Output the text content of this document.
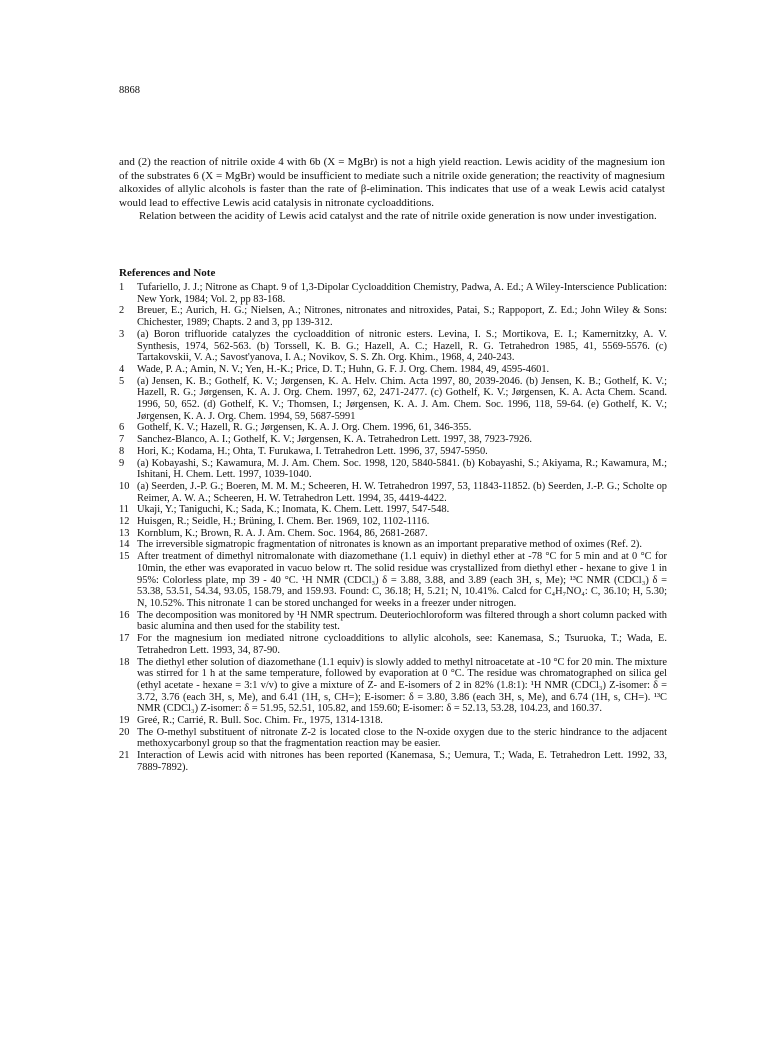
8868

and (2) the reaction of nitrile oxide 4 with 6b (X = MgBr) is not a high yield reaction. Lewis acidity of the magnesium ion of the substrates 6 (X = MgBr) would be insufficient to mediate such a nitrile oxide generation; the reactivity of magnesium alkoxides of allylic alcohols is faster than the rate of β-elimination. This indicates that use of a weak Lewis acid catalyst would lead to effective Lewis acid catalysis in nitronate cycloadditions.

Relation between the acidity of Lewis acid catalyst and the rate of nitrile oxide generation is now under investigation.

References and Note
1	Tufariello, J. J.; Nitrone as Chapt. 9 of 1,3-Dipolar Cycloaddition Chemistry, Padwa, A. Ed.; A Wiley-Interscience Publication: New York, 1984; Vol. 2, pp 83-168.
2	Breuer, E.; Aurich, H. G.; Nielsen, A.; Nitrones, nitronates and nitroxides, Patai, S.; Rappoport, Z. Ed.; John Wiley & Sons: Chichester, 1989; Chapts. 2 and 3, pp 139-312.
3	(a) Boron trifluoride catalyzes the cycloaddition of nitronic esters. Levina, I. S.; Mortikova, E. I.; Kamernitzky, A. V. Synthesis, 1974, 562-563. (b) Torssell, K. B. G.; Hazell, A. C.; Hazell, R. G. Tetrahedron 1985, 41, 5569-5576. (c) Tartakovskii, V. A.; Savost'yanova, I. A.; Novikov, S. S. Zh. Org. Khim., 1968, 4, 240-243.
4	Wade, P. A.; Amin, N. V.; Yen, H.-K.; Price, D. T.; Huhn, G. F. J. Org. Chem. 1984, 49, 4595-4601.
5	(a) Jensen, K. B.; Gothelf, K. V.; Jørgensen, K. A. Helv. Chim. Acta 1997, 80, 2039-2046. (b) Jensen, K. B.; Gothelf, K. V.; Hazell, R. G.; Jørgensen, K. A. J. Org. Chem. 1997, 62, 2471-2477. (c) Gothelf, K. V.; Jørgensen, K. A. Acta Chem. Scand. 1996, 50, 652. (d) Gothelf, K. V.; Thomsen, I.; Jørgensen, K. A. J. Am. Chem. Soc. 1996, 118, 59-64. (e) Gothelf, K. V.; Jørgensen, K. A. J. Org. Chem. 1994, 59, 5687-5991
6	Gothelf, K. V.; Hazell, R. G.; Jørgensen, K. A. J. Org. Chem. 1996, 61, 346-355.
7	Sanchez-Blanco, A. I.; Gothelf, K. V.; Jørgensen, K. A. Tetrahedron Lett. 1997, 38, 7923-7926.
8	Hori, K.; Kodama, H.; Ohta, T. Furukawa, I. Tetrahedron Lett. 1996, 37, 5947-5950.
9	(a) Kobayashi, S.; Kawamura, M. J. Am. Chem. Soc. 1998, 120, 5840-5841. (b) Kobayashi, S.; Akiyama, R.; Kawamura, M.; Ishitani, H. Chem. Lett. 1997, 1039-1040.
10 (a) Seerden, J.-P. G.; Boeren, M. M. M.; Scheeren, H. W. Tetrahedron 1997, 53, 11843-11852. (b) Seerden, J.-P. G.; Scholte op Reimer, A. W. A.; Scheeren, H. W. Tetrahedron Lett. 1994, 35, 4419-4422.
11 Ukaji, Y.; Taniguchi, K.; Sada, K.; Inomata, K. Chem. Lett. 1997, 547-548.
12 Huisgen, R.; Seidle, H.; Brüning, I. Chem. Ber. 1969, 102, 1102-1116.
13 Kornblum, K.; Brown, R. A. J. Am. Chem. Soc. 1964, 86, 2681-2687.
14 The irreversible sigmatropic fragmentation of nitronates is known as an important preparative method of oximes (Ref. 2).
15 After treatment of dimethyl nitromalonate with diazomethane (1.1 equiv) in diethyl ether at -78 °C for 5 min and at 0 °C for 10min, the ether was evaporated in vacuo below rt. The solid residue was crystallized from diethyl ether - hexane to give 1 in 95%: Colorless plate, mp 39 - 40 °C. ¹H NMR (CDCl₃) δ = 3.88, 3.88, and 3.89 (each 3H, s, Me); ¹³C NMR (CDCl₃) δ = 53.38, 53.51, 54.34, 93.05, 158.79, and 159.93. Found: C, 36.18; H, 5.21; N, 10.41%. Calcd for C₄H₇NO₄: C, 36.10; H, 5.30; N, 10.52%. This nitronate 1 can be stored unchanged for weeks in a freezer under nitrogen.
16 The decomposition was monitored by ¹H NMR spectrum. Deuteriochloroform was filtered through a short column packed with basic alumina and then used for the stability test.
17 For the magnesium ion mediated nitrone cycloadditions to allylic alcohols, see: Kanemasa, S.; Tsuruoka, T.; Wada, E. Tetrahedron Lett. 1993, 34, 87-90.
18 The diethyl ether solution of diazomethane (1.1 equiv) is slowly added to methyl nitroacetate at -10 °C for 20 min. The mixture was stirred for 1 h at the same temperature, followed by evaporation at 0 °C. The residue was chromatographed on silica gel (ethyl acetate - hexane = 3:1 v/v) to give a mixture of Z- and E-isomers of 2 in 82% (1.8:1): ¹H NMR (CDCl₃) Z-isomer: δ = 3.72, 3.76 (each 3H, s, Me), and 6.41 (1H, s, CH=); E-isomer: δ = 3.80, 3.86 (each 3H, s, Me), and 6.74 (1H, s, CH=). ¹³C NMR (CDCl₃) Z-isomer: δ = 51.95, 52.51, 105.82, and 159.60; E-isomer: δ = 52.13, 53.28, 104.23, and 160.37.
19 Greé, R.; Carrié, R. Bull. Soc. Chim. Fr., 1975, 1314-1318.
20 The O-methyl substituent of nitronate Z-2 is located close to the N-oxide oxygen due to the steric hindrance to the adjacent methoxycarbonyl group so that the fragmentation reaction may be easier.
21 Interaction of Lewis acid with nitrones has been reported (Kanemasa, S.; Uemura, T.; Wada, E. Tetrahedron Lett. 1992, 33, 7889-7892).
